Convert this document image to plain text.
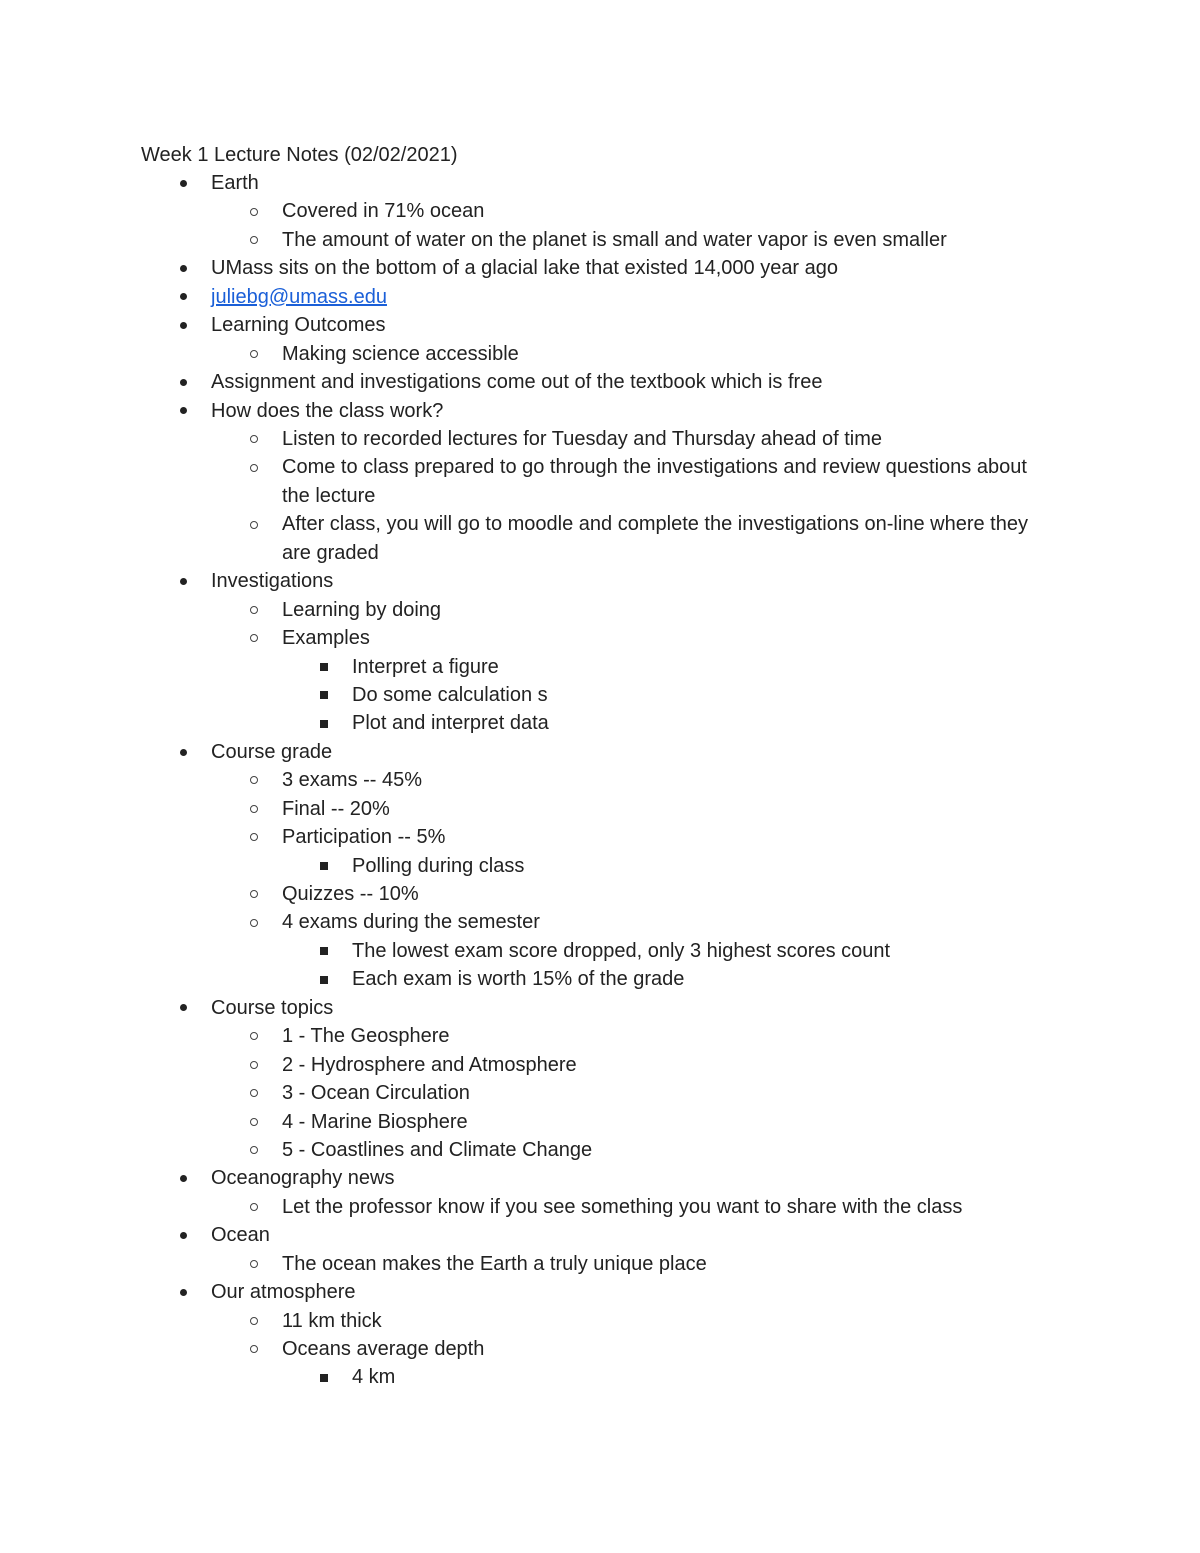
Week 1 Lecture Notes (02/02/2021)
Earth
Covered in 71% ocean
The amount of water on the planet is small and water vapor is even smaller
UMass sits on the bottom of a glacial lake that existed 14,000 year ago
juliebg@umass.edu
Learning Outcomes
Making science accessible
Assignment and investigations come out of the textbook which is free
How does the class work?
Listen to recorded lectures for Tuesday and Thursday ahead of time
Come to class prepared to go through the investigations and review questions about the lecture
After class, you will go to moodle and complete the investigations on-line where they are graded
Investigations
Learning by doing
Examples
Interpret a figure
Do some calculation s
Plot and interpret data
Course grade
3 exams -- 45%
Final -- 20%
Participation -- 5%
Polling during class
Quizzes -- 10%
4 exams during the semester
The lowest exam score dropped, only 3 highest scores count
Each exam is worth 15% of the grade
Course topics
1 - The Geosphere
2 - Hydrosphere and Atmosphere
3 - Ocean Circulation
4 - Marine Biosphere
5 - Coastlines and Climate Change
Oceanography news
Let the professor know if you see something you want to share with the class
Ocean
The ocean makes the Earth a truly unique place
Our atmosphere
11 km thick
Oceans average depth
4 km
